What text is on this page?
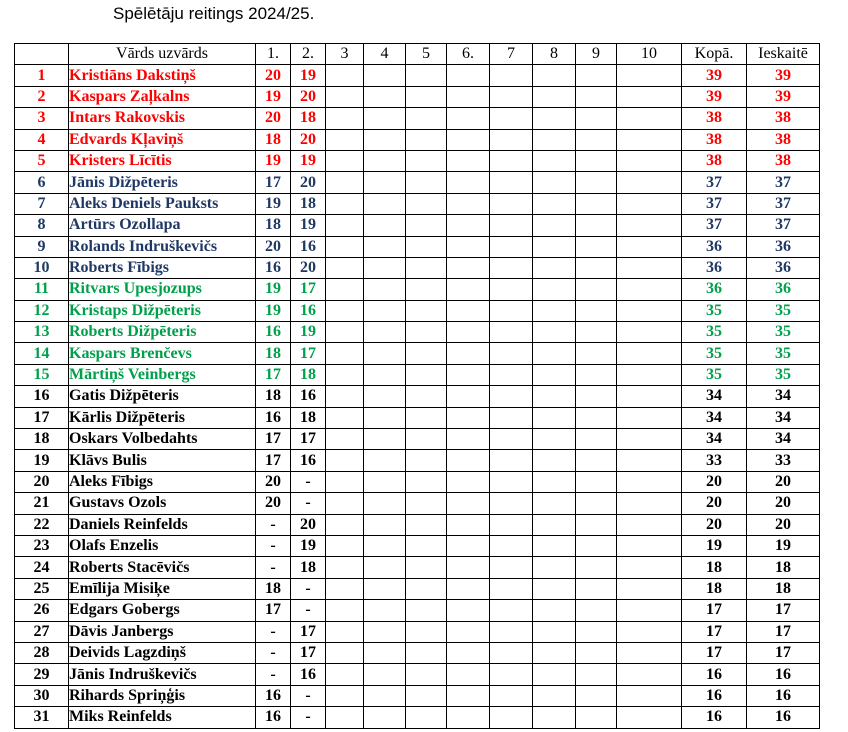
Spēlētāju reitings 2024/25.
	Vārds uzvārds	1.	2.	3	4	5	6.	7	8	9	10	Kopā.	Ieskaitē
1	Kristiāns Dakstiņš	20	19									39	39
2	Kaspars Zaļkalns	19	20									39	39
3	Intars Rakovskis	20	18									38	38
4	Edvards Kļaviņš	18	20									38	38
5	Kristers Līcītis	19	19									38	38
6	Jānis Dižpēteris	17	20									37	37
7	Aleks Deniels Pauksts	19	18									37	37
8	Artūrs Ozollapa	18	19									37	37
9	Rolands Indruškevičs	20	16									36	36
10	Roberts Fībigs	16	20									36	36
11	Ritvars Upesjozups	19	17									36	36
12	Kristaps Dižpēteris	19	16									35	35
13	Roberts Dižpēteris	16	19									35	35
14	Kaspars Brenčevs	18	17									35	35
15	Mārtiņš Veinbergs	17	18									35	35
16	Gatis Dižpēteris	18	16									34	34
17	Kārlis Dižpēteris	16	18									34	34
18	Oskars Volbedahts	17	17									34	34
19	Klāvs Bulis	17	16									33	33
20	Aleks Fībigs	20	-									20	20
21	Gustavs Ozols	20	-									20	20
22	Daniels Reinfelds	-	20									20	20
23	Olafs Enzelis	-	19									19	19
24	Roberts Stacēvičs	-	18									18	18
25	Emīlija Misiķe	18	-									18	18
26	Edgars Gobergs	17	-									17	17
27	Dāvis Janbergs	-	17									17	17
28	Deivids Lagzdiņš	-	17									17	17
29	Jānis Indruškevičs	-	16									16	16
30	Rihards Spriņģis	16	-									16	16
31	Miks Reinfelds	16	-									16	16
